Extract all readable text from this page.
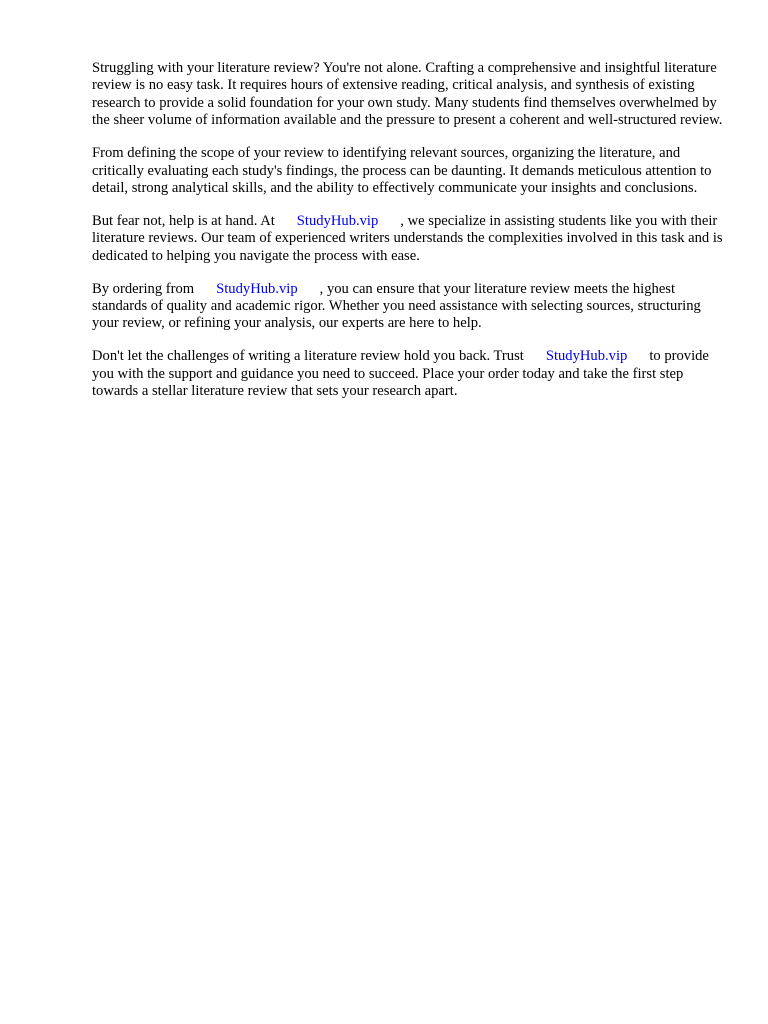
Struggling with your literature review? You're not alone. Crafting a comprehensive and insightful literature review is no easy task. It requires hours of extensive reading, critical analysis, and synthesis of existing research to provide a solid foundation for your own study. Many students find themselves overwhelmed by the sheer volume of information available and the pressure to present a coherent and well-structured review.

From defining the scope of your review to identifying relevant sources, organizing the literature, and critically evaluating each study's findings, the process can be daunting. It demands meticulous attention to detail, strong analytical skills, and the ability to effectively communicate your insights and conclusions.

But fear not, help is at hand. At StudyHub.vip , we specialize in assisting students like you with their literature reviews. Our team of experienced writers understands the complexities involved in this task and is dedicated to helping you navigate the process with ease.

By ordering from StudyHub.vip , you can ensure that your literature review meets the highest standards of quality and academic rigor. Whether you need assistance with selecting sources, structuring your review, or refining your analysis, our experts are here to help.

Don't let the challenges of writing a literature review hold you back. Trust StudyHub.vip to provide you with the support and guidance you need to succeed. Place your order today and take the first step towards a stellar literature review that sets your research apart.
